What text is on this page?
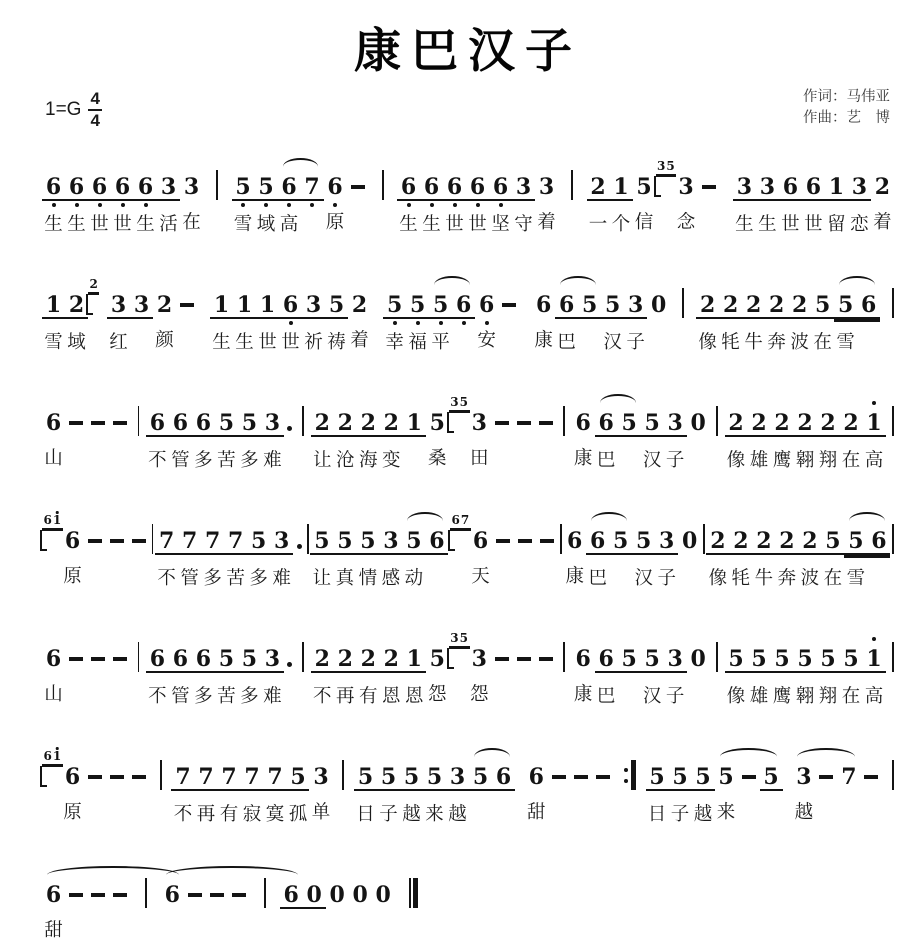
康巴汉子
$1=G \frac{4}{4}$	作词：马伟亚
作曲：艺　博
6
生
6
生
6
世
6
世
6
生
3
活
3
在
5
雪
5
域
6
高
7 6
原
6
生
6
生
6
世
6
世
6
坚
3
守
3
着
2
一
1
个
5
信
3 5
3
念
3
生
3
生
6
世
6
世
1
留
3
恋
2
着
1
雪
2
域
2
3
红
3 2
颜
1
生
1
生
1
世
6
世
3
祈
5
祷
2
着
5
幸
5
福
5
平
6 6
安
6
康
6
巴
5 5
汉
3
子
0 2
像
2
牦
2
牛
2
奔
2
波
5
在
5
雪
6
6
山
6
不
6
管
6
多
5
苦
5
多
3
难
2
让
2
沧
2
海
2
变
1 5
桑
3 5
3
田
6
康
6
巴
5 5
汉
3
子
0 2
像
2
雄
2
鹰
2
翱
2
翔
2
在
1
高
6 1
6
原
7
不
7
管
7
多
7
苦
5
多
3
难
5
让
5
真
5
情
3
感
5
动
6
6 7
6
天
6
康
6
巴
5 5
汉
3
子
0 2
像
2
牦
2
牛
2
奔
2
波
5
在
5
雪
6
6
山
6
不
6
管
6
多
5
苦
5
多
3
难
2
不
2
再
2
有
2
恩
1
恩
5
怨
3 5
3
怨
6
康
6
巴
5 5
汉
3
子
0 5
像
5
雄
5
鹰
5
翱
5
翔
5
在
1
高
6 1
6
原
7
不
7
再
7
有
7
寂
7
寞
5
孤
3
单
5
日
5
子
5
越
5
来
3
越
5 6 6
甜
5
日
5
子
5
越
5
来
5 3
越
7
6
甜
6	6 0 0 0 0
